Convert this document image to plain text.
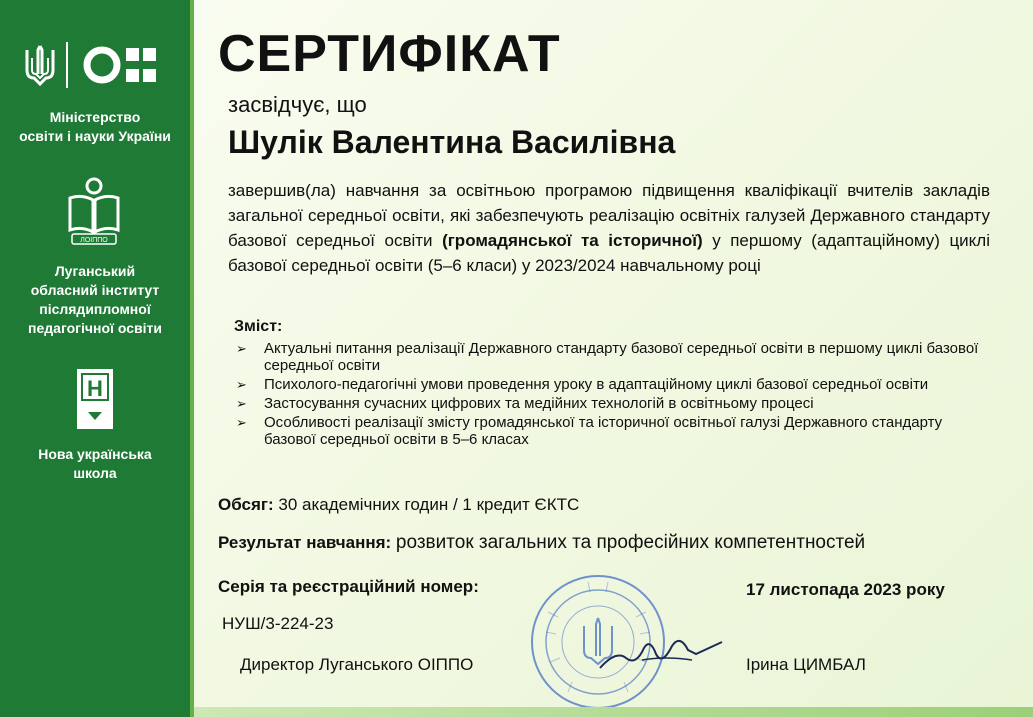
Міністерство
освіти і науки України
ЛОІППО
Луганський
обласний інститут
післядипломної
педагогічної освіти
Н
Нова українська
школа
СЕРТИФІКАТ
засвідчує, що
Шулік Валентина Василівна
завершив(ла) навчання за освітньою програмою підвищення кваліфікації вчителів закладів загальної середньої освіти, які забезпечують реалізацію освітніх галузей Державного стандарту базової середньої освіти (громадянської та історичної) у першому (адаптаційному) циклі базової середньої освіти (5–6 класи) у 2023/2024 навчальному році
Зміст:
➢ Актуальні питання реалізації Державного стандарту базової середньої освіти в першому циклі базової середньої освіти
➢ Психолого-педагогічні умови проведення уроку в адаптаційному циклі базової середньої освіти
➢ Застосування сучасних цифрових та медійних технологій в освітньому процесі
➢ Особливості реалізації змісту громадянської та історичної освітньої галузі Державного стандарту базової середньої освіти в 5–6 класах
Обсяг: 30 академічних годин / 1 кредит ЄКТС
Результат навчання: розвиток загальних та професійних компетентностей
Серія та реєстраційний номер:
НУШ/3-224-23
17 листопада 2023 року
Директор Луганського ОІППО	Ірина ЦИМБАЛ
